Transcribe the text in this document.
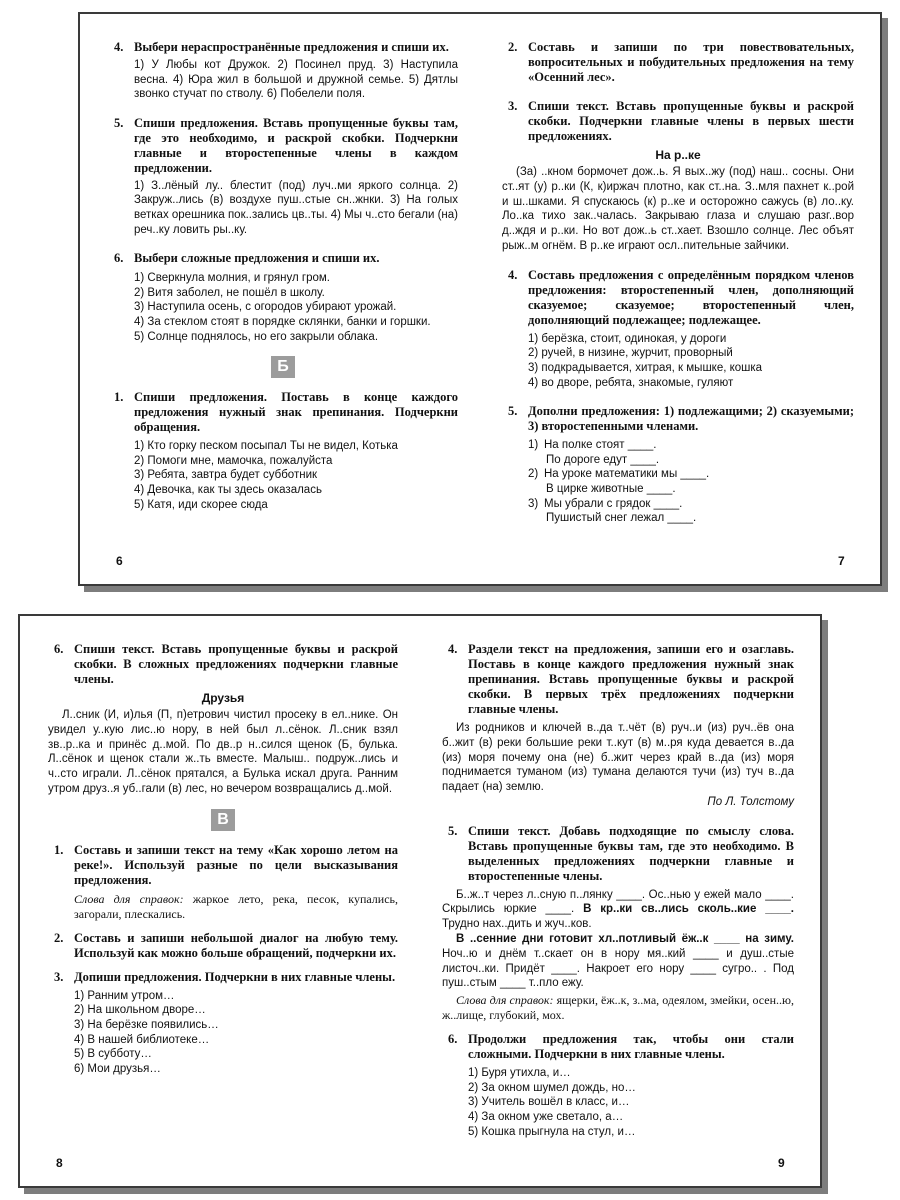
4. Выбери нераспространённые предложения и спиши их.
1) У Любы кот Дружок. 2) Посинел пруд. 3) Наступила весна. 4) Юра жил в большой и дружной семье. 5) Дятлы звонко стучат по стволу. 6) Побелели поля.
5. Спиши предложения. Вставь пропущенные буквы там, где это необходимо, и раскрой скобки. Подчеркни главные и второстепенные члены в каждом предложении.
1) З..лёный лу.. блестит (под) луч..ми яркого солнца. 2) Закруж..лись (в) воздухе пуш..стые сн..жнки. 3) На голых ветках орешника пок..зались цв..ты. 4) Мы ч..сто бегали (на) реч..ку ловить ры..ку.
6. Выбери сложные предложения и спиши их.
1) Сверкнула молния, и грянул гром.
2) Витя заболел, не пошёл в школу.
3) Наступила осень, с огородов убирают урожай.
4) За стеклом стоят в порядке склянки, банки и горшки.
5) Солнце поднялось, но его закрыли облака.
Б
1. Спиши предложения. Поставь в конце каждого предложения нужный знак препинания. Подчеркни обращения.
1) Кто горку песком посыпал Ты не видел, Котька
2) Помоги мне, мамочка, пожалуйста
3) Ребята, завтра будет субботник
4) Девочка, как ты здесь оказалась
5) Катя, иди скорее сюда
6
2. Составь и запиши по три повествовательных, вопросительных и побудительных предложения на тему «Осенний лес».
3. Спиши текст. Вставь пропущенные буквы и раскрой скобки. Подчеркни главные члены в первых шести предложениях.
На р..ке
(За) ..кном бормочет дож..ь. Я вых..жу (под) наш.. сосны. Они ст..ят (у) р..ки (К, к)иржач плотно, как ст..на. З..мля пахнет к..рой и ш..шками. Я спускаюсь (к) р..ке и осторожно сажусь (в) ло..ку. Ло..ка тихо зак..чалась. Закрываю глаза и слушаю разг..вор д..ждя и р..ки. Но вот дож..ь ст..хает. Взошло солнце. Лес объят рыж..м огнём. В р..ке играют осл..пительные зайчики.
4. Составь предложения с определённым порядком членов предложения: второстепенный член, дополняющий сказуемое; сказуемое; второстепенный член, дополняющий подлежащее; подлежащее.
1) берёзка, стоит, одинокая, у дороги
2) ручей, в низине, журчит, проворный
3) подкрадывается, хитрая, к мышке, кошка
4) во дворе, ребята, знакомые, гуляют
5. Дополни предложения: 1) подлежащими; 2) сказуемыми; 3) второстепенными членами.
1) На полке стоят ____.
По дороге едут ____.
2) На уроке математики мы ____.
В цирке животные ____.
3) Мы убрали с грядок ____.
Пушистый снег лежал ____.
7
6. Спиши текст. Вставь пропущенные буквы и раскрой скобки. В сложных предложениях подчеркни главные члены.
Друзья
Л..сник (И, и)лья (П, п)етрович чистил просеку в ел..нике. Он увидел у..кую лис..ю нору, в ней был л..сёнок. Л..сник взял зв..р..ка и принёс д..мой. По дв..р н..сился щенок (Б, булька. Л..сёнок и щенок стали ж..ть вместе. Малыш.. подруж..лись и ч..сто играли. Л..сёнок прятался, а Булька искал друга. Ранним утром друз..я уб..гали (в) лес, но вечером возвращались д..мой.
В
1. Составь и запиши текст на тему «Как хорошо летом на реке!». Используй разные по цели высказывания предложения.
Слова для справок: жаркое лето, река, песок, купались, загорали, плескались.
2. Составь и запиши небольшой диалог на любую тему. Используй как можно больше обращений, подчеркни их.
3. Допиши предложения. Подчеркни в них главные члены.
1) Ранним утром…
2) На школьном дворе…
3) На берёзке появились…
4) В нашей библиотеке…
5) В субботу…
6) Мои друзья…
8
4. Раздели текст на предложения, запиши его и озаглавь. Поставь в конце каждого предложения нужный знак препинания. Вставь пропущенные буквы и раскрой скобки. В первых трёх предложениях подчеркни главные члены.
Из родников и ключей в..да т..чёт (в) руч..и (из) руч..ёв она б..жит (в) реки большие реки т..кут (в) м..ря куда девается в..да (из) моря почему она (не) б..жит через край в..да (из) моря поднимается туманом (из) тумана делаются тучи (из) туч в..да падает (на) землю.
По Л. Толстому
5. Спиши текст. Добавь подходящие по смыслу слова. Вставь пропущенные буквы там, где это необходимо. В выделенных предложениях подчеркни главные и второстепенные члены.
Б..ж..т через л..сную п..лянку ____. Ос..нью у ежей мало ____. Скрылись юркие ____. В кр..ки св..лись сколь..кие ____. Трудно нах..дить и жуч..ков.
В ..сенние дни готовит хл..потливый ёж..к ____ на зиму. Ноч..ю и днём т..скает он в нору мя..кий ____ и душ..стые листоч..ки. Придёт ____. Накроет его нору ____ сугро.. . Под пуш..стым ____ т..пло ежу.
Слова для справок: ящерки, ёж..к, з..ма, одеялом, змейки, осен..ю, ж..лище, глубокий, мох.
6. Продолжи предложения так, чтобы они стали сложными. Подчеркни в них главные члены.
1) Буря утихла, и…
2) За окном шумел дождь, но…
3) Учитель вошёл в класс, и…
4) За окном уже светало, а…
5) Кошка прыгнула на стул, и…
9
